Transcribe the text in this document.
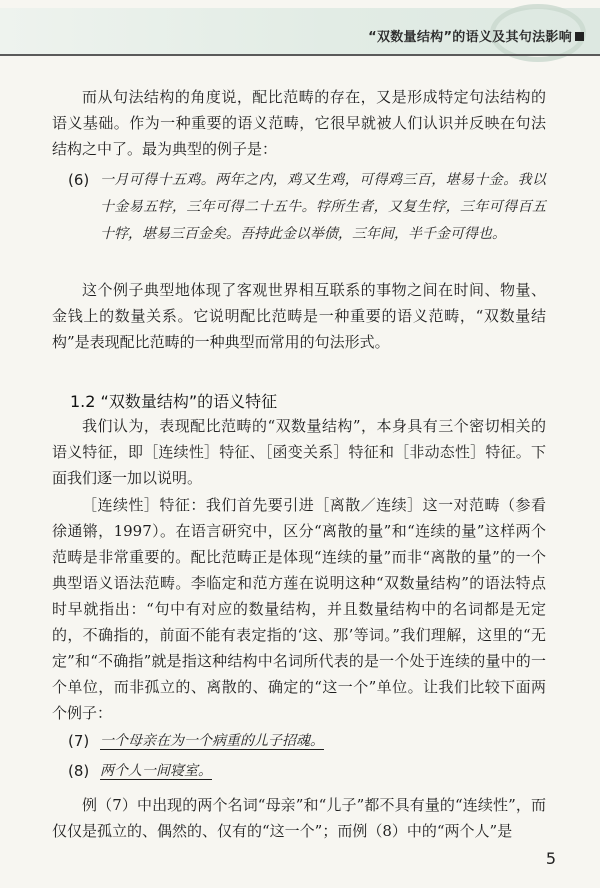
“双数量结构”的语义及其句法影响
而从句法结构的角度说，配比范畴的存在，又是形成特定句法结构的语义基础。作为一种重要的语义范畴，它很早就被人们认识并反映在句法结构之中了。最为典型的例子是：
(6) 一月可得十五鸡。两年之内，鸡又生鸡，可得鸡三百，堪易十金。我以十金易五牸，三年可得二十五牛。牸所生者，又复生牸，三年可得百五十牸，堪易三百金矣。吾持此金以举债，三年间，半千金可得也。
这个例子典型地体现了客观世界相互联系的事物之间在时间、物量、金钱上的数量关系。它说明配比范畴是一种重要的语义范畴，“双数量结构”是表现配比范畴的一种典型而常用的句法形式。
1.2 “双数量结构”的语义特征
我们认为，表现配比范畴的“双数量结构”，本身具有三个密切相关的语义特征，即［连续性］特征、［函变关系］特征和［非动态性］特征。下面我们逐一加以说明。
［连续性］特征：我们首先要引进［离散／连续］这一对范畴（参看徐通锵，1997）。在语言研究中，区分“离散的量”和“连续的量”这样两个范畴是非常重要的。配比范畴正是体现“连续的量”而非“离散的量”的一个典型语义语法范畴。李临定和范方莲在说明这种“双数量结构”的语法特点时早就指出：“句中有对应的数量结构，并且数量结构中的名词都是无定的，不确指的，前面不能有表定指的‘这、那’等词。”我们理解，这里的“无定”和“不确指”就是指这种结构中名词所代表的是一个处于连续的量中的一个单位，而非孤立的、离散的、确定的“这一个”单位。让我们比较下面两个例子：
(7) 一个母亲在为一个病重的儿子招魂。
(8) 两个人一间寝室。
例（7）中出现的两个名词“母亲”和“儿子”都不具有量的“连续性”，而仅仅是孤立的、偶然的、仅有的“这一个”；而例（8）中的“两个人”是
5
